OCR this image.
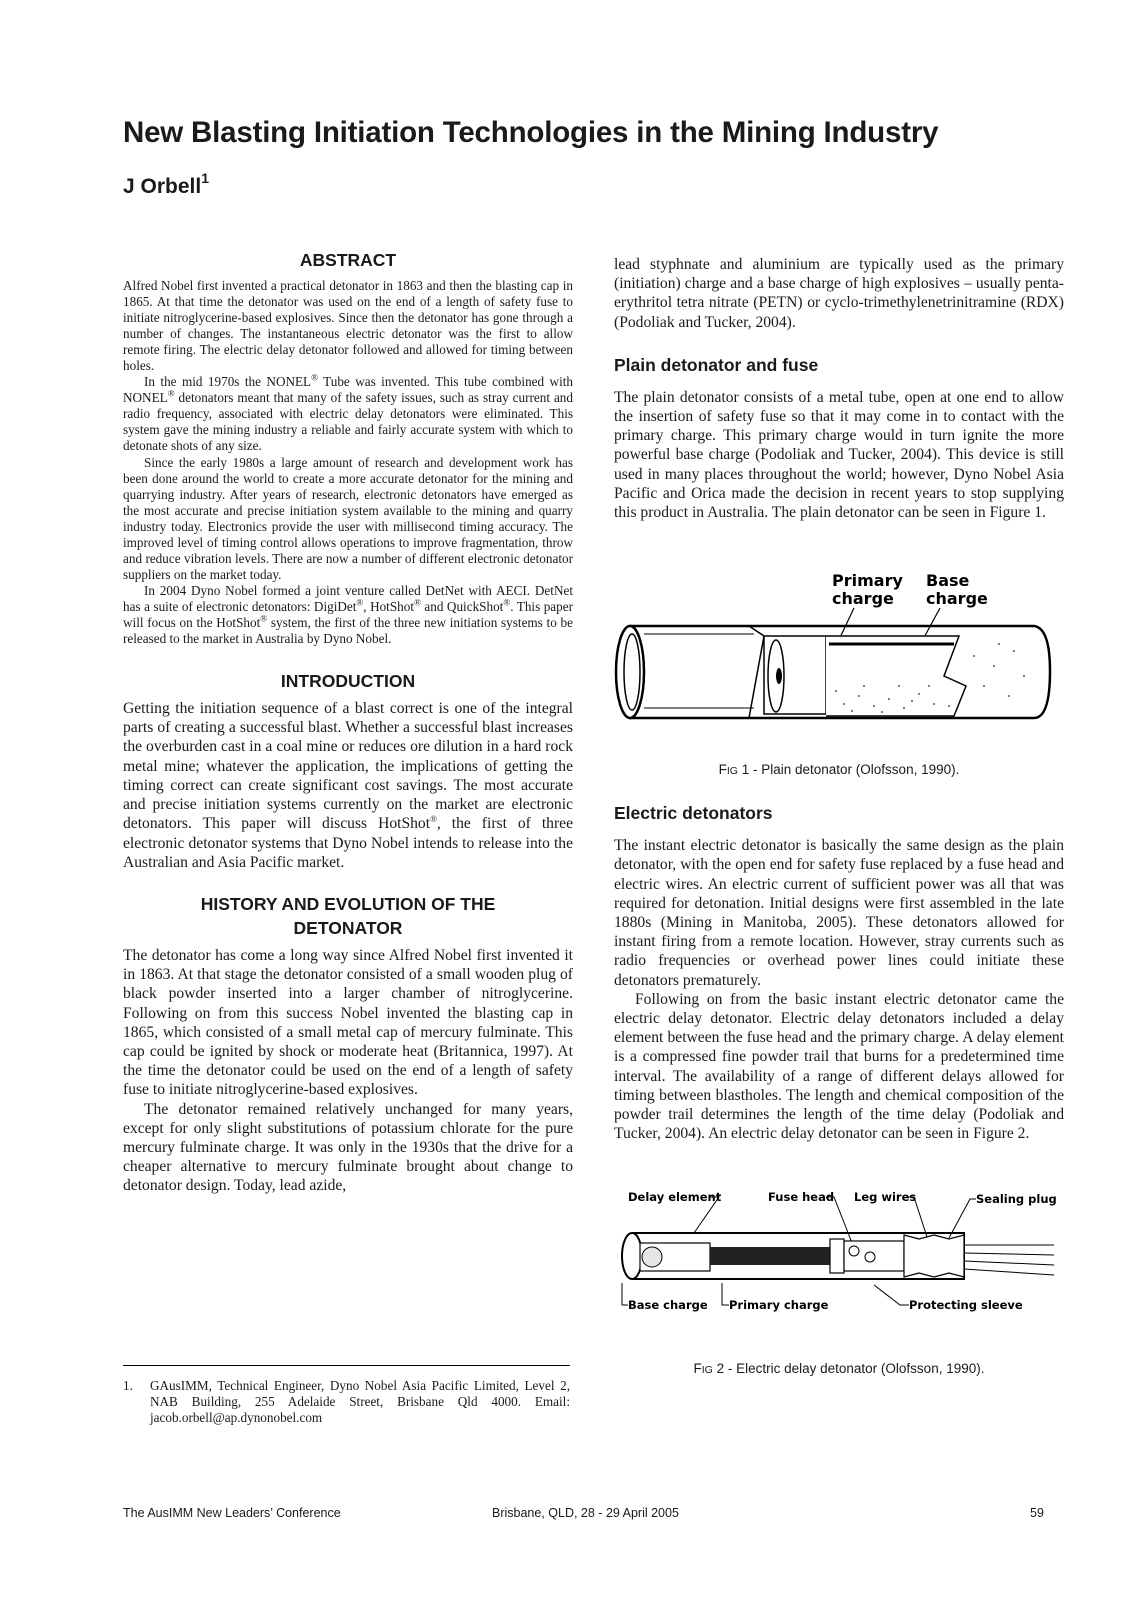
New Blasting Initiation Technologies in the Mining Industry
J Orbell$^1$
ABSTRACT

Alfred Nobel first invented a practical detonator in 1863 and then the blasting cap in 1865. At that time the detonator was used on the end of a length of safety fuse to initiate nitroglycerine-based explosives. Since then the detonator has gone through a number of changes. The instantaneous electric detonator was the first to allow remote firing. The electric delay detonator followed and allowed for timing between holes.

In the mid 1970s the NONEL® Tube was invented. This tube combined with NONEL® detonators meant that many of the safety issues, such as stray current and radio frequency, associated with electric delay detonators were eliminated. This system gave the mining industry a reliable and fairly accurate system with which to detonate shots of any size.

Since the early 1980s a large amount of research and development work has been done around the world to create a more accurate detonator for the mining and quarrying industry. After years of research, electronic detonators have emerged as the most accurate and precise initiation system available to the mining and quarry industry today. Electronics provide the user with millisecond timing accuracy. The improved level of timing control allows operations to improve fragmentation, throw and reduce vibration levels. There are now a number of different electronic detonator suppliers on the market today.

In 2004 Dyno Nobel formed a joint venture called DetNet with AECI. DetNet has a suite of electronic detonators: DigiDet®, HotShot® and QuickShot®. This paper will focus on the HotShot® system, the first of the three new initiation systems to be released to the market in Australia by Dyno Nobel.

INTRODUCTION

Getting the initiation sequence of a blast correct is one of the integral parts of creating a successful blast. Whether a successful blast increases the overburden cast in a coal mine or reduces ore dilution in a hard rock metal mine; whatever the application, the implications of getting the timing correct can create significant cost savings. The most accurate and precise initiation systems currently on the market are electronic detonators. This paper will discuss HotShot®, the first of three electronic detonator systems that Dyno Nobel intends to release into the Australian and Asia Pacific market.

HISTORY AND EVOLUTION OF THE
DETONATOR

The detonator has come a long way since Alfred Nobel first invented it in 1863. At that stage the detonator consisted of a small wooden plug of black powder inserted into a larger chamber of nitroglycerine. Following on from this success Nobel invented the blasting cap in 1865, which consisted of a small metal cap of mercury fulminate. This cap could be ignited by shock or moderate heat (Britannica, 1997). At the time the detonator could be used on the end of a length of safety fuse to initiate nitroglycerine-based explosives.

The detonator remained relatively unchanged for many years, except for only slight substitutions of potassium chlorate for the pure mercury fulminate charge. It was only in the 1930s that the drive for a cheaper alternative to mercury fulminate brought about change to detonator design. Today, lead azide,

1. GAusIMM, Technical Engineer, Dyno Nobel Asia Pacific Limited, Level 2, NAB Building, 255 Adelaide Street, Brisbane Qld 4000. Email: jacob.orbell@ap.dynonobel.com

lead styphnate and aluminium are typically used as the primary (initiation) charge and a base charge of high explosives – usually penta-erythritol tetra nitrate (PETN) or cyclo-trimethylenetrinitramine (RDX) (Podoliak and Tucker, 2004).

Plain detonator and fuse

The plain detonator consists of a metal tube, open at one end to allow the insertion of safety fuse so that it may come in to contact with the primary charge. This primary charge would in turn ignite the more powerful base charge (Podoliak and Tucker, 2004). This device is still used in many places throughout the world; however, Dyno Nobel Asia Pacific and Orica made the decision in recent years to stop supplying this product in Australia. The plain detonator can be seen in Figure 1.

Primary
charge
Base
charge
FIG 1 - Plain detonator (Olofsson, 1990).
Electric detonators

The instant electric detonator is basically the same design as the plain detonator, with the open end for safety fuse replaced by a fuse head and electric wires. An electric current of sufficient power was all that was required for detonation. Initial designs were first assembled in the late 1880s (Mining in Manitoba, 2005). These detonators allowed for instant firing from a remote location. However, stray currents such as radio frequencies or overhead power lines could initiate these detonators prematurely.

Following on from the basic instant electric detonator came the electric delay detonator. Electric delay detonators included a delay element between the fuse head and the primary charge. A delay element is a compressed fine powder trail that burns for a predetermined time interval. The availability of a range of different delays allowed for timing between blastholes. The length and chemical composition of the powder trail determines the length of the time delay (Podoliak and Tucker, 2004). An electric delay detonator can be seen in Figure 2.

Delay element	Fuse head Leg wires	Sealing plug
Base charge Primary charge	Protecting sleeve
FIG 2 - Electric delay detonator (Olofsson, 1990).
The AusIMM New Leaders’ Conference	Brisbane, QLD, 28 - 29 April 2005	59
